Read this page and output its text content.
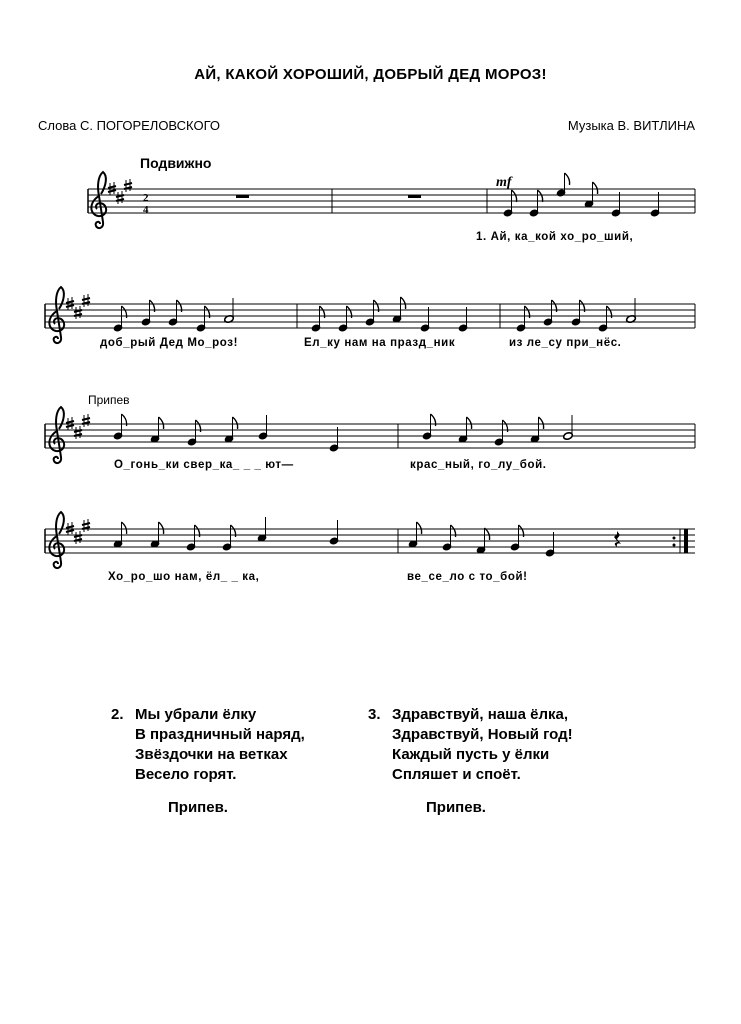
АЙ, КАКОЙ ХОРОШИЙ, ДОБРЫЙ ДЕД МОРОЗ!
Слова С. ПОГОРЕЛОВСКОГО	Музыка В. ВИТЛИНА
Подвижно
Припев
2
4
mf
1. Ай, ка_кой хо_ро_ший,
доб_рый Дед Мо_роз!	Ел_ку нам на празд_ник	из ле_су при_нёс.
О_гонь_ки свер_ка_ _ _ ют—	крас_ный, го_лу_бой.
Хо_ро_шо нам, ёл_ _ ка,	ве_се_ло с то_бой!
2. Мы убрали ёлку
В праздничный наряд,
Звёздочки на ветках
Весело горят.
Припев.
3. Здравствуй, наша ёлка,
Здравствуй, Новый год!
Каждый пусть у ёлки
Спляшет и споёт.
Припев.
